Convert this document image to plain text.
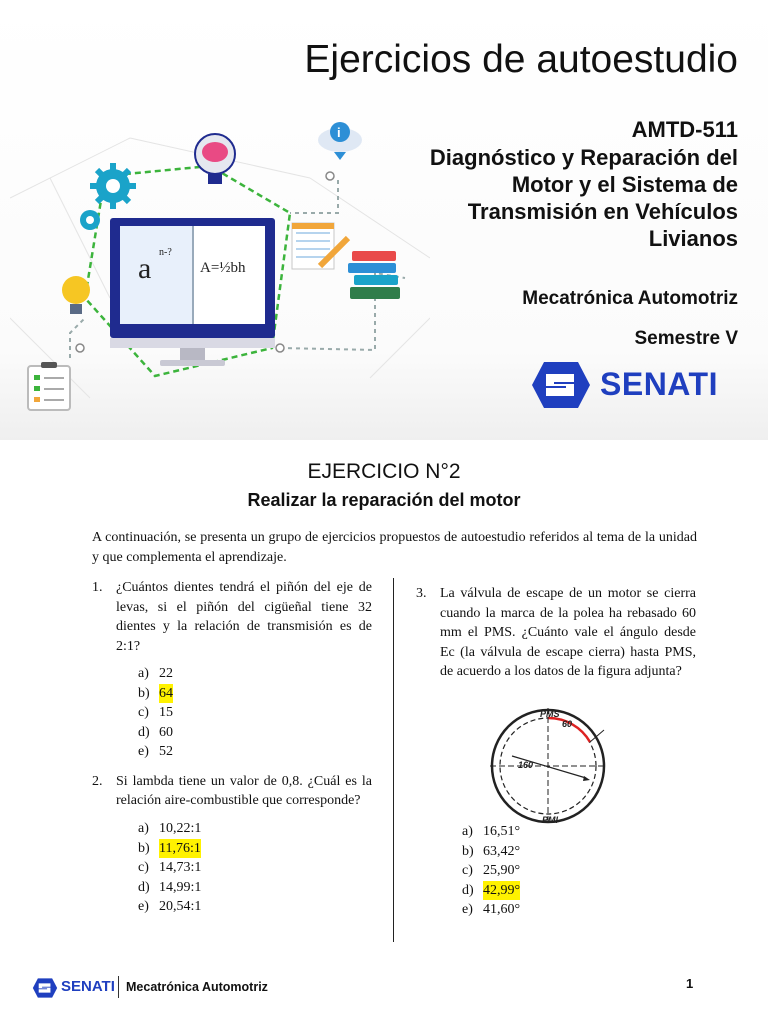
a n-?
A=½bh
i
Ejercicios de autoestudio
AMTD-511
Diagnóstico y Reparación del
Motor y el Sistema de
Transmisión en Vehículos
Livianos
Mecatrónica Automotriz
Semestre V
SENATI
EJERCICIO N°2
Realizar la reparación del motor
A continuación, se presenta un grupo de ejercicios propuestos de autoestudio referidos al tema de la unidad y que complementa el aprendizaje.
1. ¿Cuántos dientes tendrá el piñón del eje de levas, si el piñón del cigüeñal tiene 32 dientes y la relación de transmisión es de 2:1?
a) 22
b) 64
c) 15
d) 60
e) 52
2. Si lambda tiene un valor de 0,8. ¿Cuál es la relación aire-combustible que corresponde?
a) 10,22:1
b) 11,76:1
c) 14,73:1
d) 14,99:1
e) 20,54:1
3. La válvula de escape de un motor se cierra cuando la marca de la polea ha rebasado 60 mm el PMS. ¿Cuánto vale el ángulo desde Ec (la válvula de escape cierra) hasta PMS, de acuerdo a los datos de la figura adjunta?
PMS
60
160
PMI
a) 16,51°
b) 63,42°
c) 25,90°
d) 42,99°
e) 41,60°
SENATI Mecatrónica Automotriz	1
